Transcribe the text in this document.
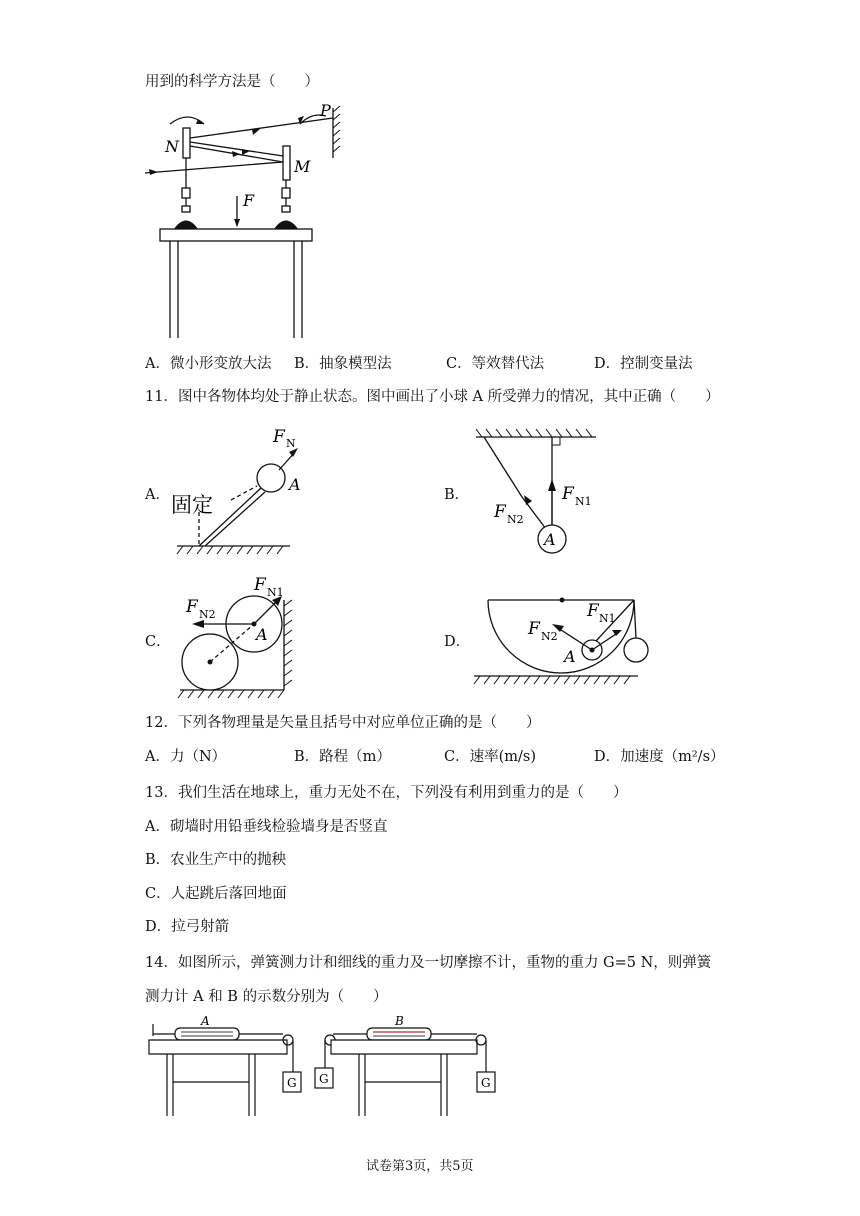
用到的科学方法是（　　）
N
M
P
F
A．微小形变放大法 B．抽象模型法	C．等效替代法	D．控制变量法
11．图中各物体均处于静止状态。图中画出了小球 A 所受弹力的情况，其中正确（　　）
A．	B．
C．	D．
F N
A
固定
A
F N1
F N2
A
F N1
F N2
A
F N1
F N2
12．下列各物理量是矢量且括号中对应单位正确的是（　　）
A．力（N）	B．路程（m）	C．速率(m/s)	D．加速度（m²/s）
13．我们生活在地球上，重力无处不在，下列没有利用到重力的是（　　）
A．砌墙时用铅垂线检验墙身是否竖直
B．农业生产中的抛秧
C．人起跳后落回地面
D．拉弓射箭
14．如图所示，弹簧测力计和细线的重力及一切摩擦不计，重物的重力 G=5 N，则弹簧
测力计 A 和 B 的示数分别为（　　）
A	B
G G	G
试卷第3页，共5页
